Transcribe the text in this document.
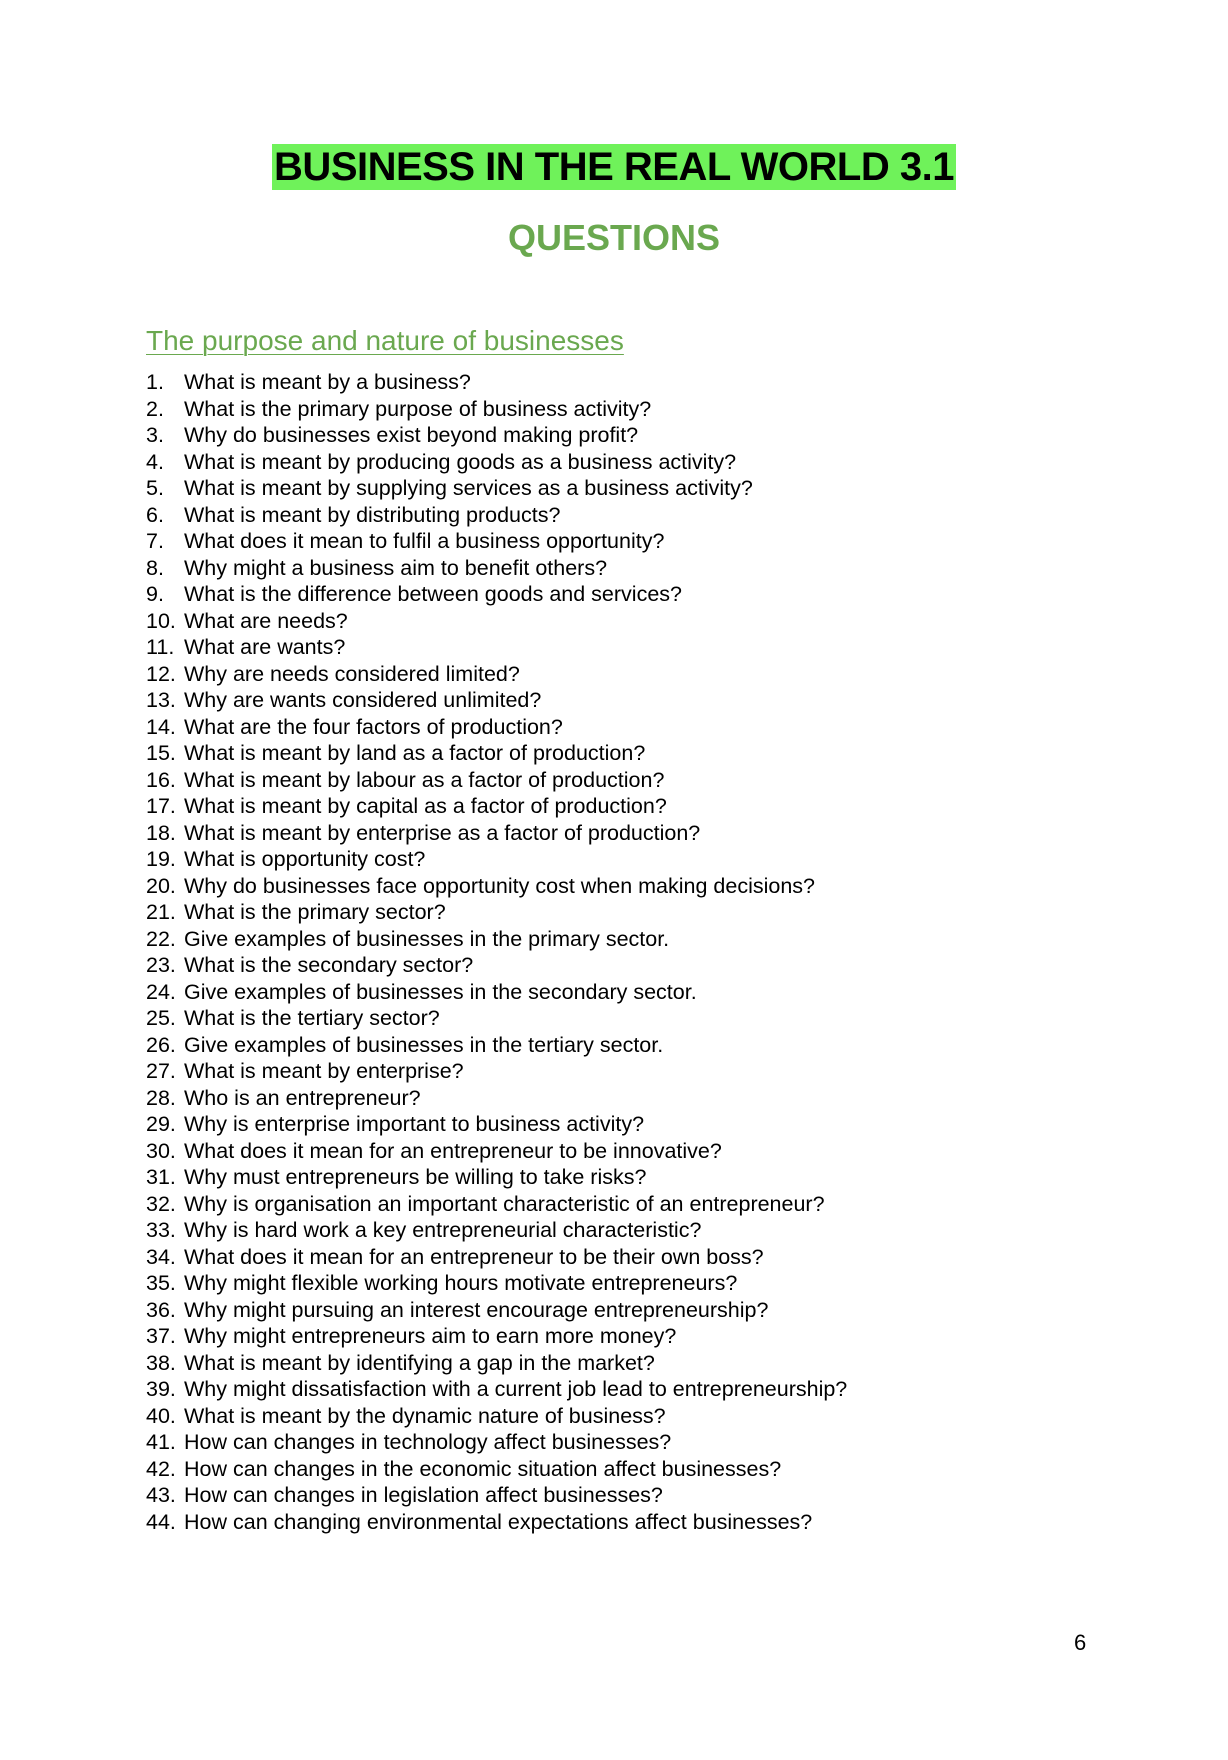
BUSINESS IN THE REAL WORLD 3.1
QUESTIONS
The purpose and nature of businesses
1. What is meant by a business?
2. What is the primary purpose of business activity?
3. Why do businesses exist beyond making profit?
4. What is meant by producing goods as a business activity?
5. What is meant by supplying services as a business activity?
6. What is meant by distributing products?
7. What does it mean to fulfil a business opportunity?
8. Why might a business aim to benefit others?
9. What is the difference between goods and services?
10. What are needs?
11. What are wants?
12. Why are needs considered limited?
13. Why are wants considered unlimited?
14. What are the four factors of production?
15. What is meant by land as a factor of production?
16. What is meant by labour as a factor of production?
17. What is meant by capital as a factor of production?
18. What is meant by enterprise as a factor of production?
19. What is opportunity cost?
20. Why do businesses face opportunity cost when making decisions?
21. What is the primary sector?
22. Give examples of businesses in the primary sector.
23. What is the secondary sector?
24. Give examples of businesses in the secondary sector.
25. What is the tertiary sector?
26. Give examples of businesses in the tertiary sector.
27. What is meant by enterprise?
28. Who is an entrepreneur?
29. Why is enterprise important to business activity?
30. What does it mean for an entrepreneur to be innovative?
31. Why must entrepreneurs be willing to take risks?
32. Why is organisation an important characteristic of an entrepreneur?
33. Why is hard work a key entrepreneurial characteristic?
34. What does it mean for an entrepreneur to be their own boss?
35. Why might flexible working hours motivate entrepreneurs?
36. Why might pursuing an interest encourage entrepreneurship?
37. Why might entrepreneurs aim to earn more money?
38. What is meant by identifying a gap in the market?
39. Why might dissatisfaction with a current job lead to entrepreneurship?
40. What is meant by the dynamic nature of business?
41. How can changes in technology affect businesses?
42. How can changes in the economic situation affect businesses?
43. How can changes in legislation affect businesses?
44. How can changing environmental expectations affect businesses?
6
